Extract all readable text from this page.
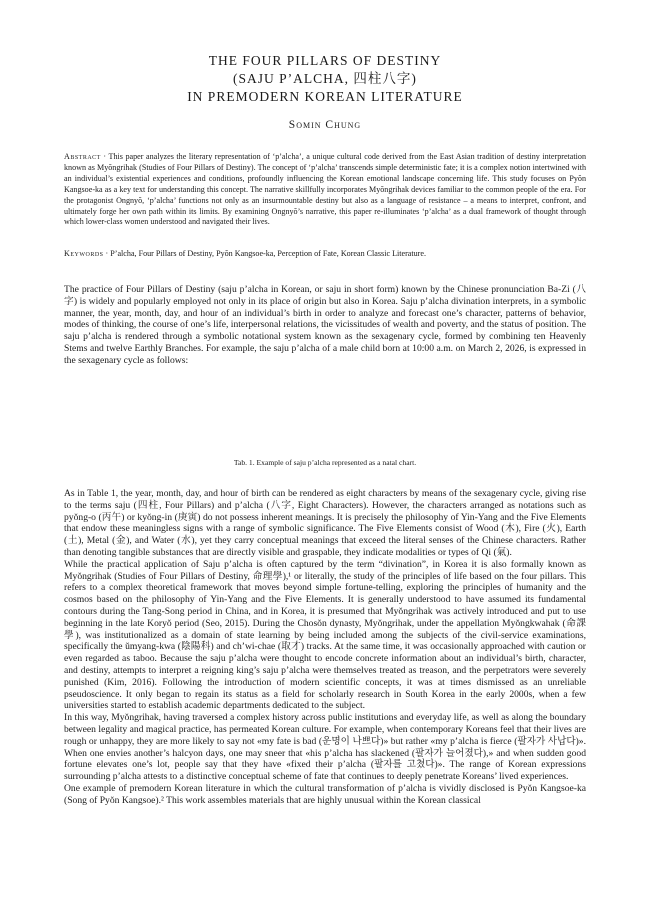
THE FOUR PILLARS OF DESTINY
(SAJU P’ALCHA, 四柱八字)
IN PREMODERN KOREAN LITERATURE
Somin Chung
Abstract · This paper analyzes the literary representation of ‘p’alcha’, a unique cultural code derived from the East Asian tradition of destiny interpretation known as Myŏngrihak (Studies of Four Pillars of Destiny). The concept of ‘p’alcha’ transcends simple deterministic fate; it is a complex notion intertwined with an individual’s existential experiences and conditions, profoundly influencing the Korean emotional landscape concerning life. This study focuses on Pyŏn Kangsoe-ka as a key text for understanding this concept. The narrative skillfully incorporates Myŏngrihak devices familiar to the common people of the era. For the protagonist Ongnyŏ, ‘p’alcha’ functions not only as an insurmountable destiny but also as a language of resistance – a means to interpret, confront, and ultimately forge her own path within its limits. By examining Ongnyŏ’s narrative, this paper re-illuminates ‘p’alcha’ as a dual framework of thought through which lower-class women understood and navigated their lives.
Keywords · P’alcha, Four Pillars of Destiny, Pyŏn Kangsoe-ka, Perception of Fate, Korean Classic Literature.
The practice of Four Pillars of Destiny (saju p’alcha in Korean, or saju in short form) known by the Chinese pronunciation Ba-Zi (八字) is widely and popularly employed not only in its place of origin but also in Korea. Saju p’alcha divination interprets, in a symbolic manner, the year, month, day, and hour of an individual’s birth in order to analyze and forecast one’s character, patterns of behavior, modes of thinking, the course of one’s life, interpersonal relations, the vicissitudes of wealth and poverty, and the status of position. The saju p’alcha is rendered through a symbolic notational system known as the sexagenary cycle, formed by combining ten Heavenly Stems and twelve Earthly Branches. For example, the saju p’alcha of a male child born at 10:00 a.m. on March 2, 2026, is expressed in the sexagenary cycle as follows:
Tab. 1. Example of saju p’alcha represented as a natal chart.
As in Table 1, the year, month, day, and hour of birth can be rendered as eight characters by means of the sexagenary cycle, giving rise to the terms saju (四柱, Four Pillars) and p’alcha (八字, Eight Characters). However, the characters arranged as notations such as pyŏng-o (丙午) or kyŏng-in (庚寅) do not possess inherent meanings. It is precisely the philosophy of Yin-Yang and the Five Elements that endow these meaningless signs with a range of symbolic significance. The Five Elements consist of Wood (木), Fire (火), Earth (土), Metal (金), and Water (水), yet they carry conceptual meanings that exceed the literal senses of the Chinese characters. Rather than denoting tangible substances that are directly visible and graspable, they indicate modalities or types of Qi (氣).
While the practical application of Saju p’alcha is often captured by the term “divination”, in Korea it is also formally known as Myŏngrihak (Studies of Four Pillars of Destiny, 命理學),¹ or literally, the study of the principles of life based on the four pillars. This refers to a complex theoretical framework that moves beyond simple fortune-telling, exploring the principles of humanity and the cosmos based on the philosophy of Yin-Yang and the Five Elements. It is generally understood to have assumed its fundamental contours during the Tang-Song period in China, and in Korea, it is presumed that Myŏngrihak was actively introduced and put to use beginning in the late Koryŏ period (Seo, 2015). During the Chosŏn dynasty, Myŏngrihak, under the appellation Myŏngkwahak (命課學), was institutionalized as a domain of state learning by being included among the subjects of the civil-service examinations, specifically the ŭmyang-kwa (陰陽科) and ch’wi-chae (取才) tracks. At the same time, it was occasionally approached with caution or even regarded as taboo. Because the saju p’alcha were thought to encode concrete information about an individual’s birth, character, and destiny, attempts to interpret a reigning king’s saju p’alcha were themselves treated as treason, and the perpetrators were severely punished (Kim, 2016). Following the introduction of modern scientific concepts, it was at times dismissed as an unreliable pseudoscience. It only began to regain its status as a field for scholarly research in South Korea in the early 2000s, when a few universities started to establish academic departments dedicated to the subject.
In this way, Myŏngrihak, having traversed a complex history across public institutions and everyday life, as well as along the boundary between legality and magical practice, has permeated Korean culture. For example, when contemporary Koreans feel that their lives are rough or unhappy, they are more likely to say not «my fate is bad (운명이 나쁘다)» but rather «my p’alcha is fierce (팔자가 사납다)». When one envies another’s halcyon days, one may sneer that «his p’alcha has slackened (팔자가 늘어졌다),» and when sudden good fortune elevates one’s lot, people say that they have «fixed their p’alcha (팔자를 고쳤다)». The range of Korean expressions surrounding p’alcha attests to a distinctive conceptual scheme of fate that continues to deeply penetrate Koreans’ lived experiences.
One example of premodern Korean literature in which the cultural transformation of p’alcha is vividly disclosed is Pyŏn Kangsoe-ka (Song of Pyŏn Kangsoe).² This work assembles materials that are highly unusual within the Korean classical
